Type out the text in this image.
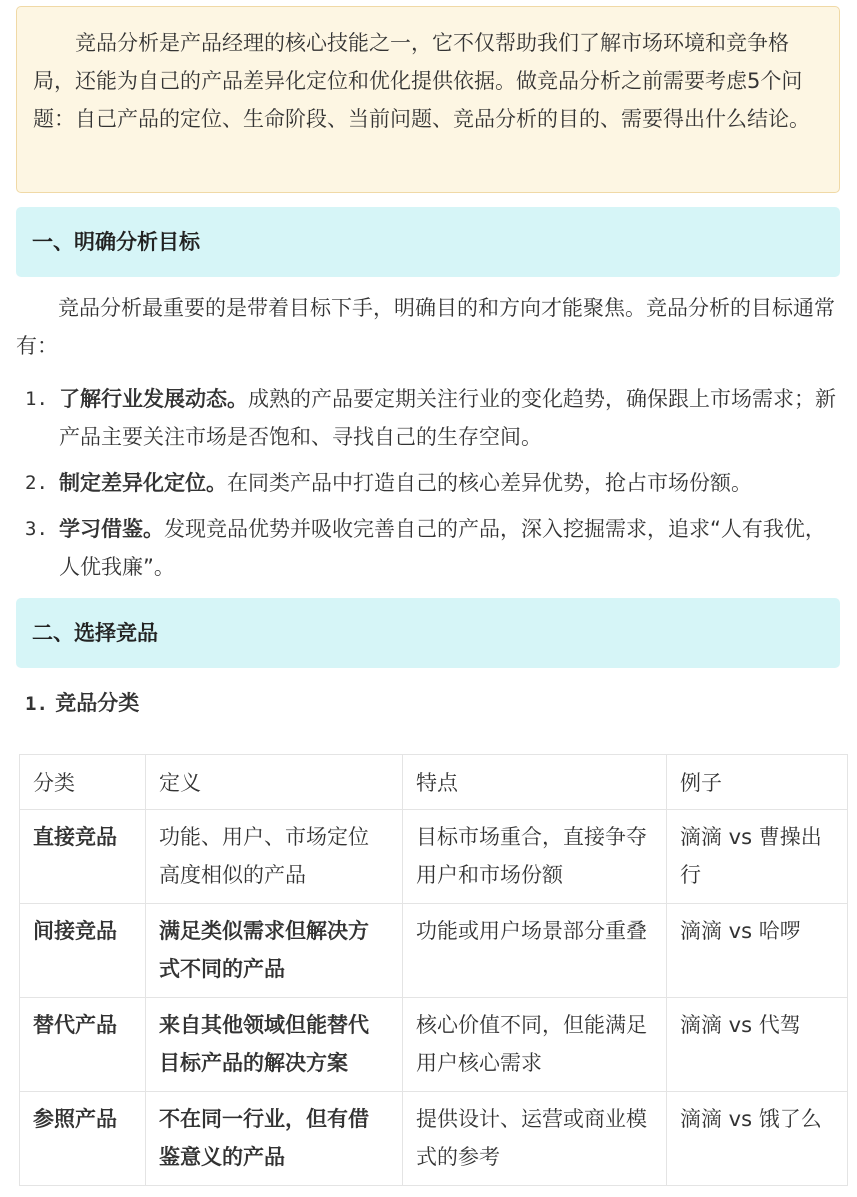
竞品分析是产品经理的核心技能之一，它不仅帮助我们了解市场环境和竞争格局，还能为自己的产品差异化定位和优化提供依据。做竞品分析之前需要考虑5个问题：自己产品的定位、生命阶段、当前问题、竞品分析的目的、需要得出什么结论。

一、明确分析目标

竞品分析最重要的是带着目标下手，明确目的和方向才能聚焦。竞品分析的目标通常有：

1. 了解行业发展动态。成熟的产品要定期关注行业的变化趋势，确保跟上市场需求；新产品主要关注市场是否饱和、寻找自己的生存空间。
2. 制定差异化定位。在同类产品中打造自己的核心差异优势，抢占市场份额。
3. 学习借鉴。发现竞品优势并吸收完善自己的产品，深入挖掘需求，追求“人有我优，人优我廉”。
二、选择竞品
1. 竞品分类
分类	定义	特点	例子
直接竞品	功能、用户、市场定位高度相似的产品	目标市场重合，直接争夺用户和市场份额	滴滴 vs 曹操出行
间接竞品	满足类似需求但解决方式不同的产品	功能或用户场景部分重叠	滴滴 vs 哈啰
替代产品	来自其他领域但能替代目标产品的解决方案	核心价值不同，但能满足用户核心需求	滴滴 vs 代驾
参照产品	不在同一行业，但有借鉴意义的产品	提供设计、运营或商业模式的参考	滴滴 vs 饿了么
